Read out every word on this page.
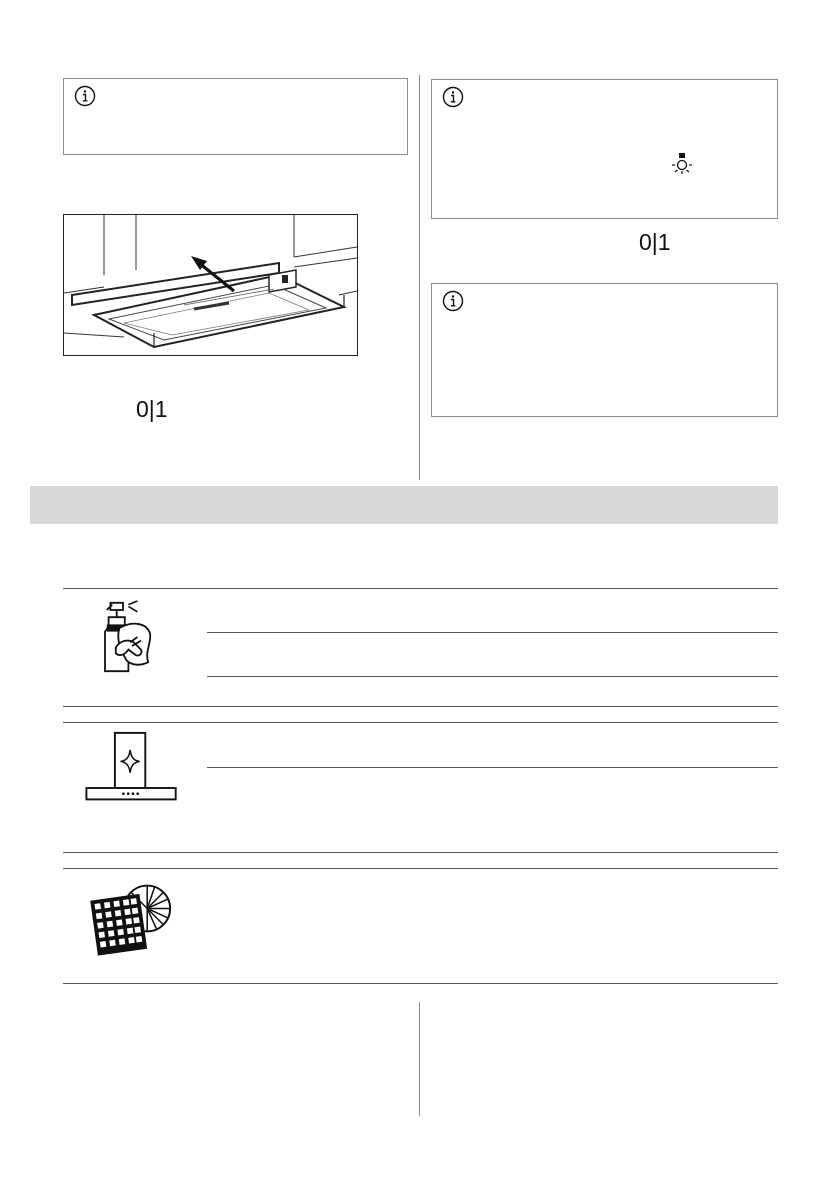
0|1
0|1
